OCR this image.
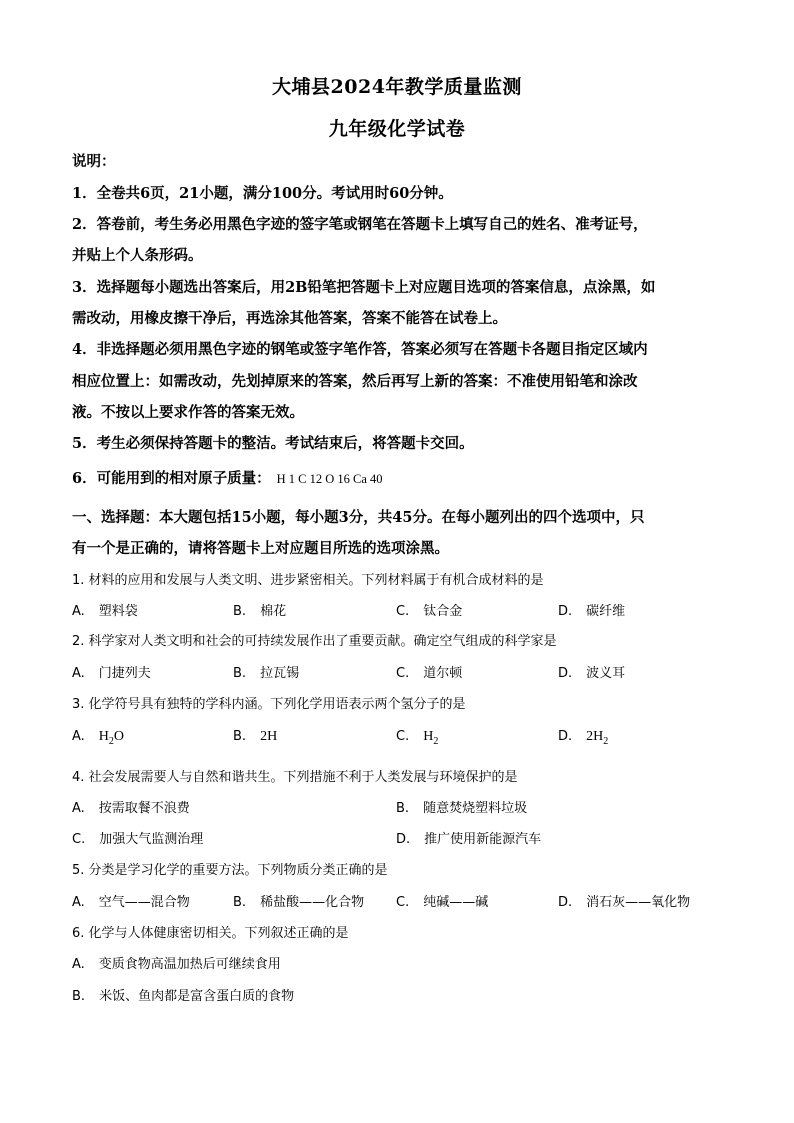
大埔县2024年教学质量监测
九年级化学试卷
说明：
1．全卷共6页，21小题，满分100分。考试用时60分钟。
2．答卷前，考生务必用黑色字迹的签字笔或钢笔在答题卡上填写自己的姓名、准考证号，
并贴上个人条形码。
3．选择题每小题选出答案后，用2B铅笔把答题卡上对应题目选项的答案信息，点涂黑，如
需改动，用橡皮擦干净后，再选涂其他答案，答案不能答在试卷上。
4．非选择题必须用黑色字迹的钢笔或签字笔作答，答案必须写在答题卡各题目指定区域内
相应位置上：如需改动，先划掉原来的答案，然后再写上新的答案：不准使用铅笔和涂改
液。不按以上要求作答的答案无效。
5．考生必须保持答题卡的整洁。考试结束后，将答题卡交回。
6．可能用到的相对原子质量： H 1 C 12 O 16 Ca 40
一、选择题：本大题包括15小题，每小题3分，共45分。在每小题列出的四个选项中，只
有一个是正确的，请将答题卡上对应题目所选的选项涂黑。
1. 材料的应用和发展与人类文明、进步紧密相关。下列材料属于有机合成材料的是
A. 塑料袋	B. 棉花	C. 钛合金	D. 碳纤维
2. 科学家对人类文明和社会的可持续发展作出了重要贡献。确定空气组成的科学家是
A. 门捷列夫	B. 拉瓦锡	C. 道尔顿	D. 波义耳
3. 化学符号具有独特的学科内涵。下列化学用语表示两个氢分子的是
A. $H_2O$	B. 2H	C. $H_2$	D. $2H_2$
4. 社会发展需要人与自然和谐共生。下列措施不利于人类发展与环境保护的是
A. 按需取餐不浪费	B. 随意焚烧塑料垃圾
C. 加强大气监测治理	D. 推广使用新能源汽车
5. 分类是学习化学的重要方法。下列物质分类正确的是
A. 空气——混合物	B. 稀盐酸——化合物 C. 纯碱——碱	D. 消石灰——氧化物
6. 化学与人体健康密切相关。下列叙述正确的是
A. 变质食物高温加热后可继续食用
B. 米饭、鱼肉都是富含蛋白质的食物
